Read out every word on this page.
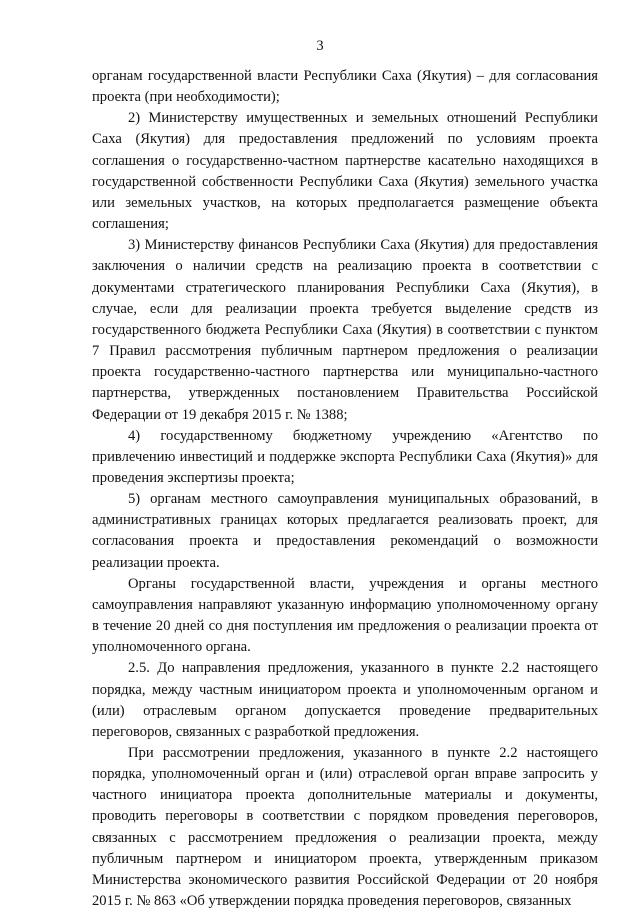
3

органам государственной власти Республики Саха (Якутия) – для согласования проекта (при необходимости);

2) Министерству имущественных и земельных отношений Республики Саха (Якутия) для предоставления предложений по условиям проекта соглашения о государственно-частном партнерстве касательно находящихся в государственной собственности Республики Саха (Якутия) земельного участка или земельных участков, на которых предполагается размещение объекта соглашения;

3) Министерству финансов Республики Саха (Якутия) для предоставления заключения о наличии средств на реализацию проекта в соответствии с документами стратегического планирования Республики Саха (Якутия), в случае, если для реализации проекта требуется выделение средств из государственного бюджета Республики Саха (Якутия) в соответствии с пунктом 7 Правил рассмотрения публичным партнером предложения о реализации проекта государственно-частного партнерства или муниципально-частного партнерства, утвержденных постановлением Правительства Российской Федерации от 19 декабря 2015 г. № 1388;

4) государственному бюджетному учреждению «Агентство по привлечению инвестиций и поддержке экспорта Республики Саха (Якутия)» для проведения экспертизы проекта;

5) органам местного самоуправления муниципальных образований, в административных границах которых предлагается реализовать проект, для согласования проекта и предоставления рекомендаций о возможности реализации проекта.

Органы государственной власти, учреждения и органы местного самоуправления направляют указанную информацию уполномоченному органу в течение 20 дней со дня поступления им предложения о реализации проекта от уполномоченного органа.

2.5. До направления предложения, указанного в пункте 2.2 настоящего порядка, между частным инициатором проекта и уполномоченным органом и (или) отраслевым органом допускается проведение предварительных переговоров, связанных с разработкой предложения.

При рассмотрении предложения, указанного в пункте 2.2 настоящего порядка, уполномоченный орган и (или) отраслевой орган вправе запросить у частного инициатора проекта дополнительные материалы и документы, проводить переговоры в соответствии с порядком проведения переговоров, связанных с рассмотрением предложения о реализации проекта, между публичным партнером и инициатором проекта, утвержденным приказом Министерства экономического развития Российской Федерации от 20 ноября 2015 г. № 863 «Об утверждении порядка проведения переговоров, связанных
